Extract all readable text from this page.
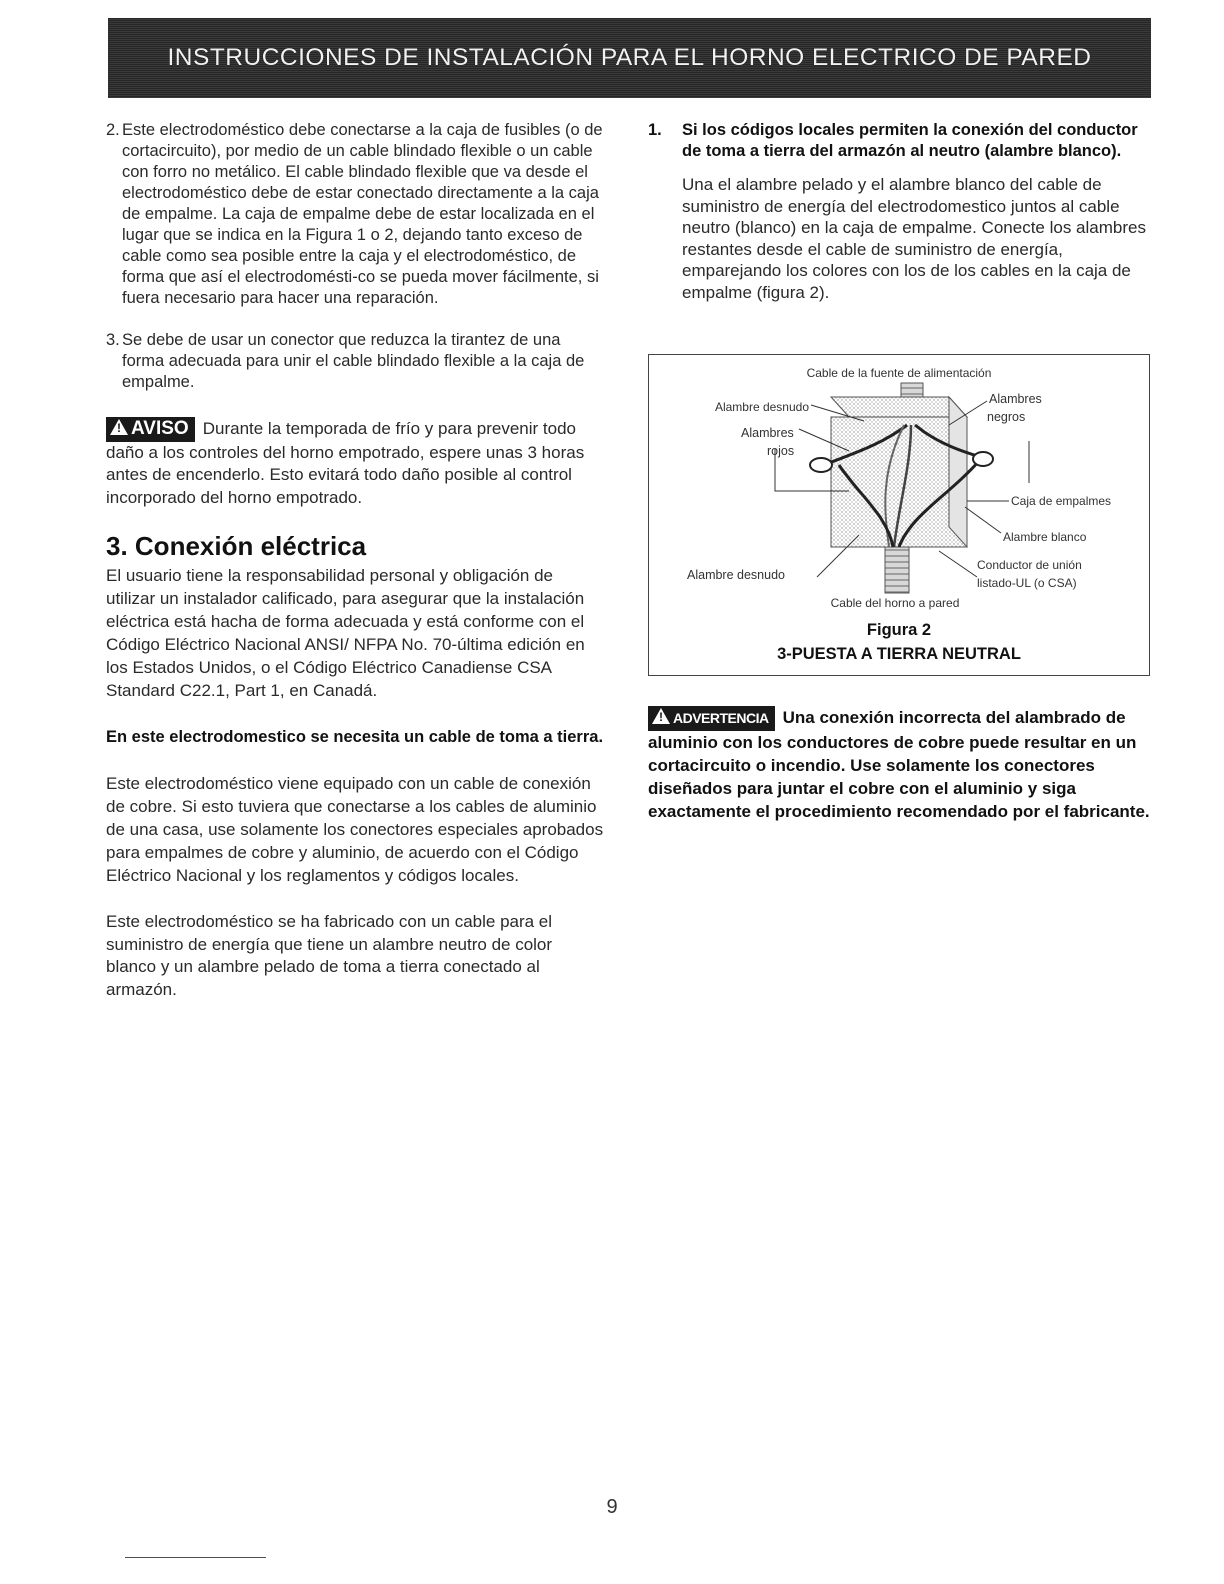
INSTRUCCIONES DE INSTALACIÓN PARA EL HORNO ELECTRICO DE PARED
2. Este electrodoméstico debe conectarse a la caja de fusibles (o de cortacircuito), por medio de un cable blindado flexible o un cable con forro no metálico. El cable blindado flexible que va desde el electrodoméstico debe de estar conectado directamente a la caja de empalme. La caja de empalme debe de estar localizada en el lugar que se indica en la Figura 1 o 2, dejando tanto exceso de cable como sea posible entre la caja y el electrodoméstico, de forma que así el electrodomésti-co se pueda mover fácilmente, si fuera necesario para hacer una reparación.
3. Se debe de usar un conector que reduzca la tirantez de una forma adecuada para unir el cable blindado flexible a la caja de empalme.

! AVISO Durante la temporada de frío y para prevenir todo daño a los controles del horno empotrado, espere unas 3 horas antes de encenderlo. Esto evitará todo daño posible al control incorporado del horno empotrado.

3. Conexión eléctrica

El usuario tiene la responsabilidad personal y obligación de utilizar un instalador calificado, para asegurar que la instalación eléctrica está hacha de forma adecuada y está conforme con el Código Eléctrico Nacional ANSI/ NFPA No. 70-última edición en los Estados Unidos, o el Código Eléctrico Canadiense CSA Standard C22.1, Part 1, en Canadá.

En este electrodomestico se necesita un cable de toma a tierra.

Este electrodoméstico viene equipado con un cable de conexión de cobre. Si esto tuviera que conectarse a los cables de aluminio de una casa, use solamente los conectores especiales aprobados para empalmes de cobre y aluminio, de acuerdo con el Código Eléctrico Nacional y los reglamentos y códigos locales.

Este electrodoméstico se ha fabricado con un cable para el suministro de energía que tiene un alambre neutro de color blanco y un alambre pelado de toma a tierra conectado al armazón.

1.	Si los códigos locales permiten la conexión del conductor de toma a tierra del armazón al neutro (alambre blanco).

Una el alambre pelado y el alambre blanco del cable de suministro de energía del electrodomestico juntos al cable neutro (blanco) en la caja de empalme. Conecte los alambres restantes desde el cable de suministro de energía, emparejando los colores con los de los cables en la caja de empalme (figura 2).

Cable de la fuente de alimentación
Alambre desnudo
Alambres
negros
Alambres
rojos
Caja de empalmes
Alambre blanco
Conductor de unión
listado-UL (o CSA)
Alambre desnudo
Cable del horno a pared
Figura 2
3-PUESTA A TIERRA NEUTRAL

! ADVERTENCIA Una conexión incorrecta del alambrado de aluminio con los conductores de cobre puede resultar en un cortacircuito o incendio. Use solamente los conectores diseñados para juntar el cobre con el aluminio y siga exactamente el procedimiento recomendado por el fabricante.

9
